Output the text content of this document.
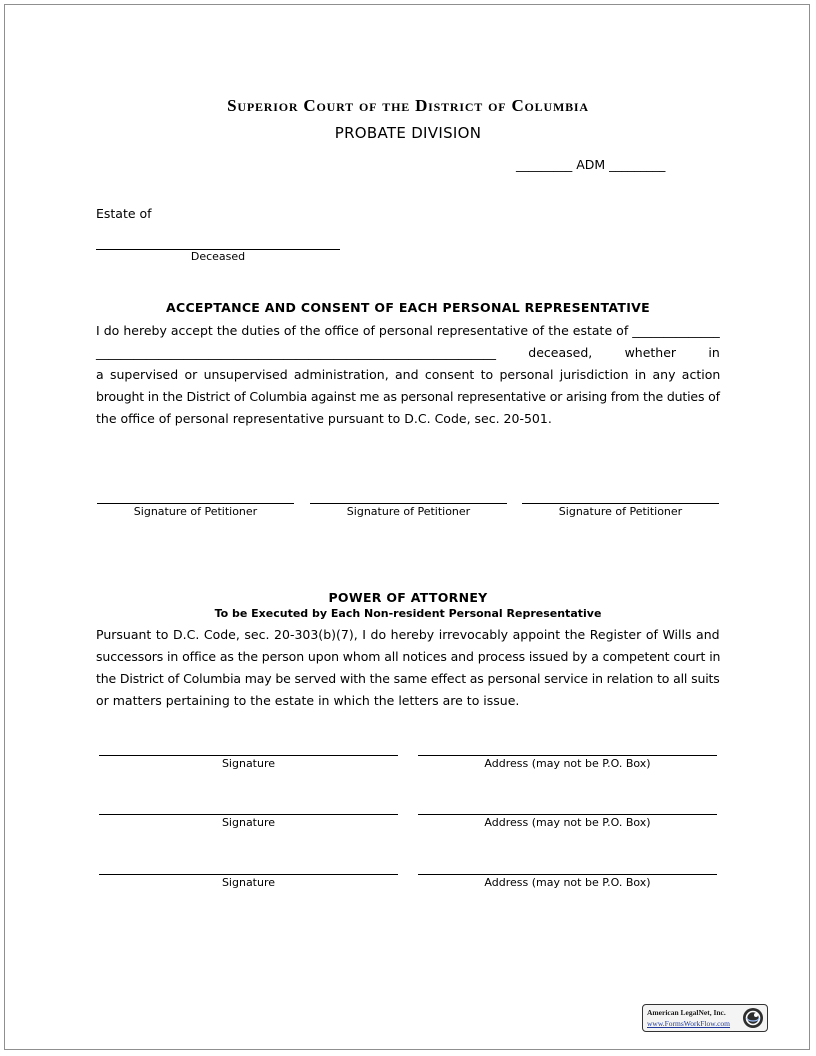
Superior Court of the District of Columbia
PROBATE DIVISION
_________ ADM _________
Estate of
Deceased
ACCEPTANCE AND CONSENT OF EACH PERSONAL REPRESENTATIVE
I do hereby accept the duties of the office of personal representative of the estate of ______________
________________________________________________________________ deceased, whether in
a supervised or unsupervised administration, and consent to personal jurisdiction in any action
brought in the District of Columbia against me as personal representative or arising from the duties of
the office of personal representative pursuant to D.C. Code, sec. 20-501.
Signature of Petitioner	Signature of Petitioner	Signature of Petitioner
POWER OF ATTORNEY
To be Executed by Each Non-resident Personal Representative
Pursuant to D.C. Code, sec. 20-303(b)(7), I do hereby irrevocably appoint the Register of Wills and
successors in office as the person upon whom all notices and process issued by a competent court in
the District of Columbia may be served with the same effect as personal service in relation to all suits
or matters pertaining to the estate in which the letters are to issue.
Signature	Address (may not be P.O. Box)
Signature	Address (may not be P.O. Box)
Signature	Address (may not be P.O. Box)
American LegalNet, Inc.
www.FormsWorkFlow.com
